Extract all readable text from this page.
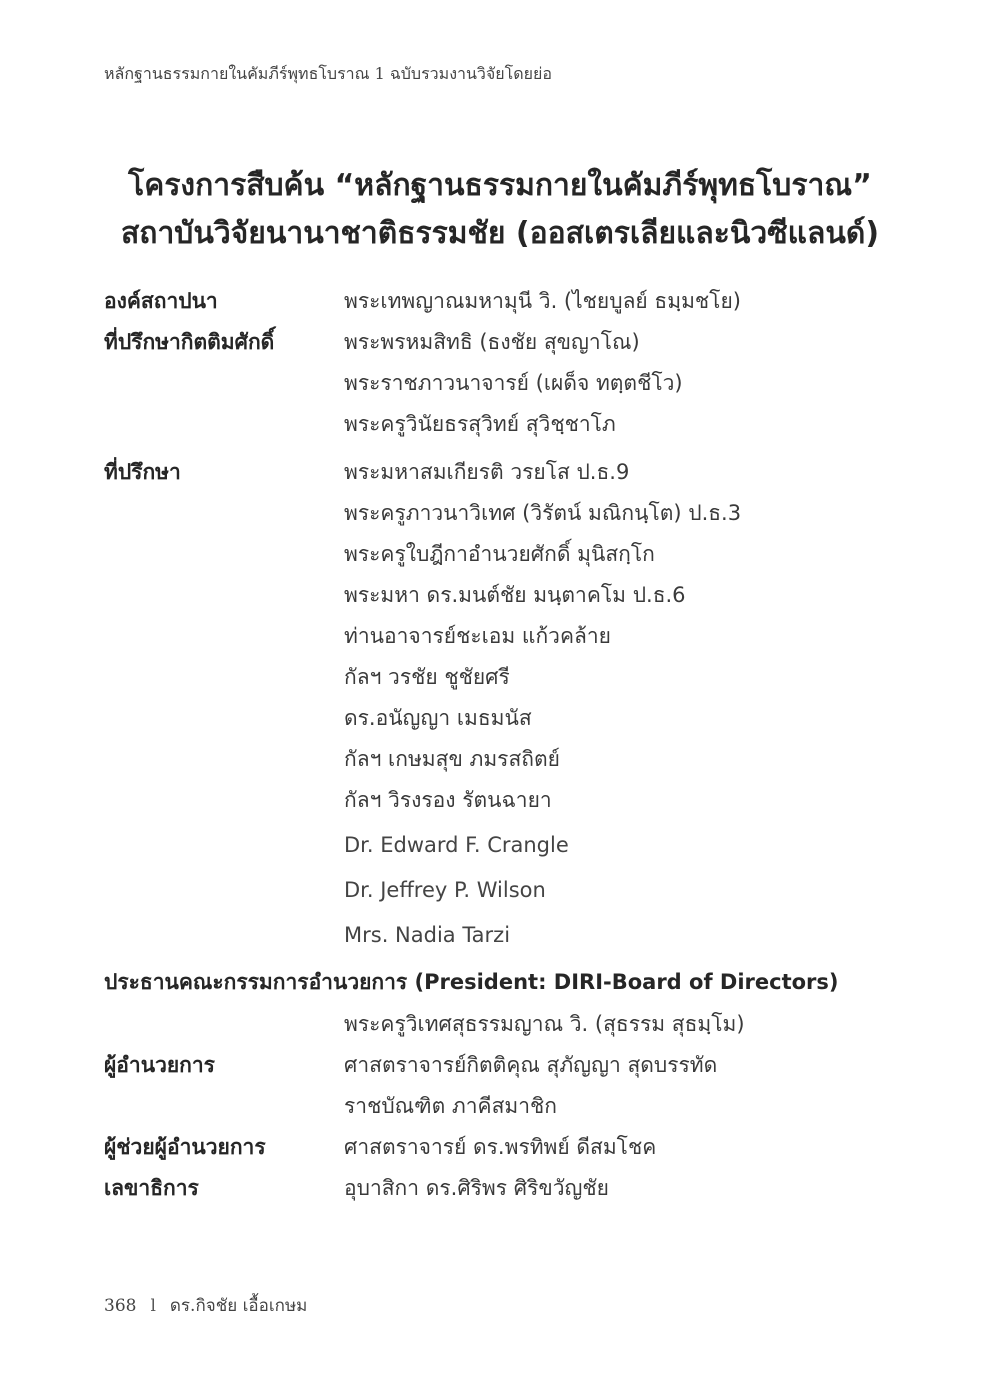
หลักฐานธรรมกายในคัมภีร์พุทธโบราณ 1 ฉบับรวมงานวิจัยโดยย่อ
โครงการสืบค้น “หลักฐานธรรมกายในคัมภีร์พุทธโบราณ”
สถาบันวิจัยนานาชาติธรรมชัย (ออสเตรเลียและนิวซีแลนด์)
องค์สถาปนา	พระเทพญาณมหามุนี วิ. (ไชยบูลย์ ธมฺมชโย)
ที่ปรึกษากิตติมศักดิ์	พระพรหมสิทธิ (ธงชัย สุขญาโณ)
พระราชภาวนาจารย์ (เผด็จ ทตฺตชีโว)
พระครูวินัยธรสุวิทย์ สุวิชฺชาโภ
ที่ปรึกษา	พระมหาสมเกียรติ วรยโส ป.ธ.9
พระครูภาวนาวิเทศ (วิรัตน์ มณิกนฺโต) ป.ธ.3
พระครูใบฎีกาอำนวยศักดิ์ มุนิสกฺโก
พระมหา ดร.มนต์ชัย มนฺตาคโม ป.ธ.6
ท่านอาจารย์ชะเอม แก้วคล้าย
กัลฯ วรชัย ชูชัยศรี
ดร.อนัญญา เมธมนัส
กัลฯ เกษมสุข ภมรสถิตย์
กัลฯ วิรงรอง รัตนฉายา
Dr. Edward F. Crangle
Dr. Jeffrey P. Wilson
Mrs. Nadia Tarzi
ประธานคณะกรรมการอำนวยการ (President: DIRI-Board of Directors)
พระครูวิเทศสุธรรมญาณ วิ. (สุธรรม สุธมฺโม)
ผู้อำนวยการ	ศาสตราจารย์กิตติคุณ สุภัญญา สุดบรรทัด
ราชบัณฑิต ภาคีสมาชิก
ผู้ช่วยผู้อำนวยการ	ศาสตราจารย์ ดร.พรทิพย์ ดีสมโชค
เลขาธิการ	อุบาสิกา ดร.ศิริพร ศิริขวัญชัย
368 l ดร.กิจชัย เอื้อเกษม
